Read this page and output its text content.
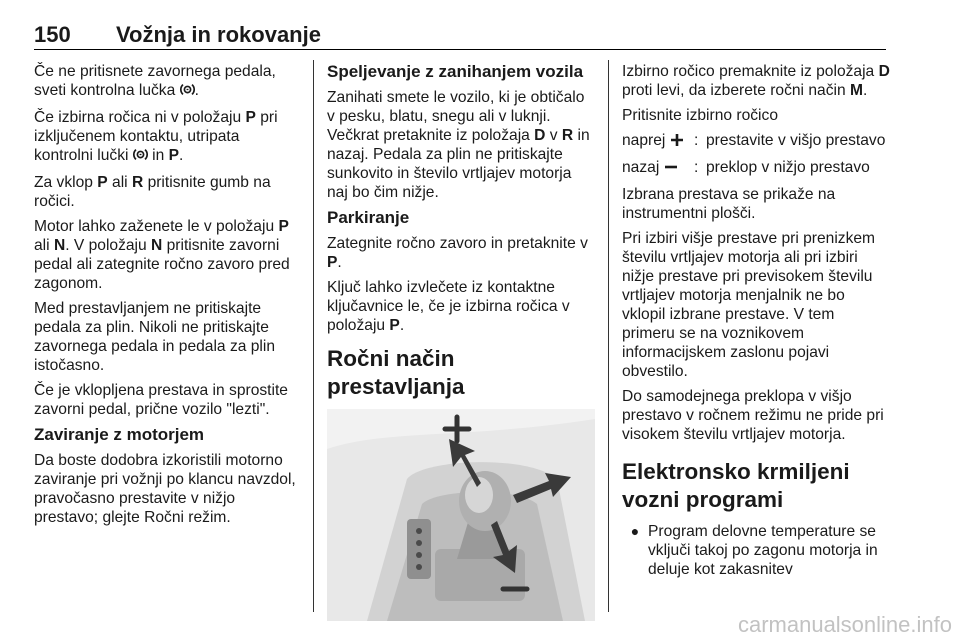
150 Vožnja in rokovanje

Če ne pritisnete zavornega pedala, sveti kontrolna lučka .

Če izbirna ročica ni v položaju P pri izključenem kontaktu, utripata kontrolni lučki  in P.

Za vklop P ali R pritisnite gumb na ročici.

Motor lahko zaženete le v položaju P ali N. V položaju N pritisnite zavorni pedal ali zategnite ročno zavoro pred zagonom.

Med prestavljanjem ne pritiskajte pedala za plin. Nikoli ne pritiskajte zavornega pedala in pedala za plin istočasno.

Če je vklopljena prestava in sprostite zavorni pedal, prične vozilo "lezti".

Zaviranje z motorjem

Da boste dodobra izkoristili motorno zaviranje pri vožnji po klancu navzdol, pravočasno prestavite v nižjo prestavo; glejte Ročni režim.

Speljevanje z zanihanjem vozila

Zanihati smete le vozilo, ki je obtičalo v pesku, blatu, snegu ali v luknji. Večkrat pretaknite iz položaja D v R in nazaj. Pedala za plin ne pritiskajte sunkovito in število vrtljajev motorja naj bo čim nižje.

Parkiranje

Zategnite ročno zavoro in pretaknite v P.

Ključ lahko izvlečete iz kontaktne ključavnice le, če je izbirna ročica v položaju P.

Ročni način prestavljanja

Izbirno ročico premaknite iz položaja D proti levi, da izberete ročni način M.

Pritisnite izbirno ročico

naprej	: prestavite v višjo prestavo
nazaj	: preklop v nižjo prestavo

Izbrana prestava se prikaže na instrumentni plošči.

Pri izbiri višje prestave pri prenizkem številu vrtljajev motorja ali pri izbiri nižje prestave pri previsokem številu vrtljajev motorja menjalnik ne bo vklopil izbrane prestave. V tem primeru se na voznikovem informacijskem zaslonu pojavi obvestilo.

Do samodejnega preklopa v višjo prestavo v ročnem režimu ne pride pri visokem številu vrtljajev motorja.

Elektronsko krmiljeni vozni programi
● Program delovne temperature se vključi takoj po zagonu motorja in deluje kot zakasnitev
carmanualsonline.info
